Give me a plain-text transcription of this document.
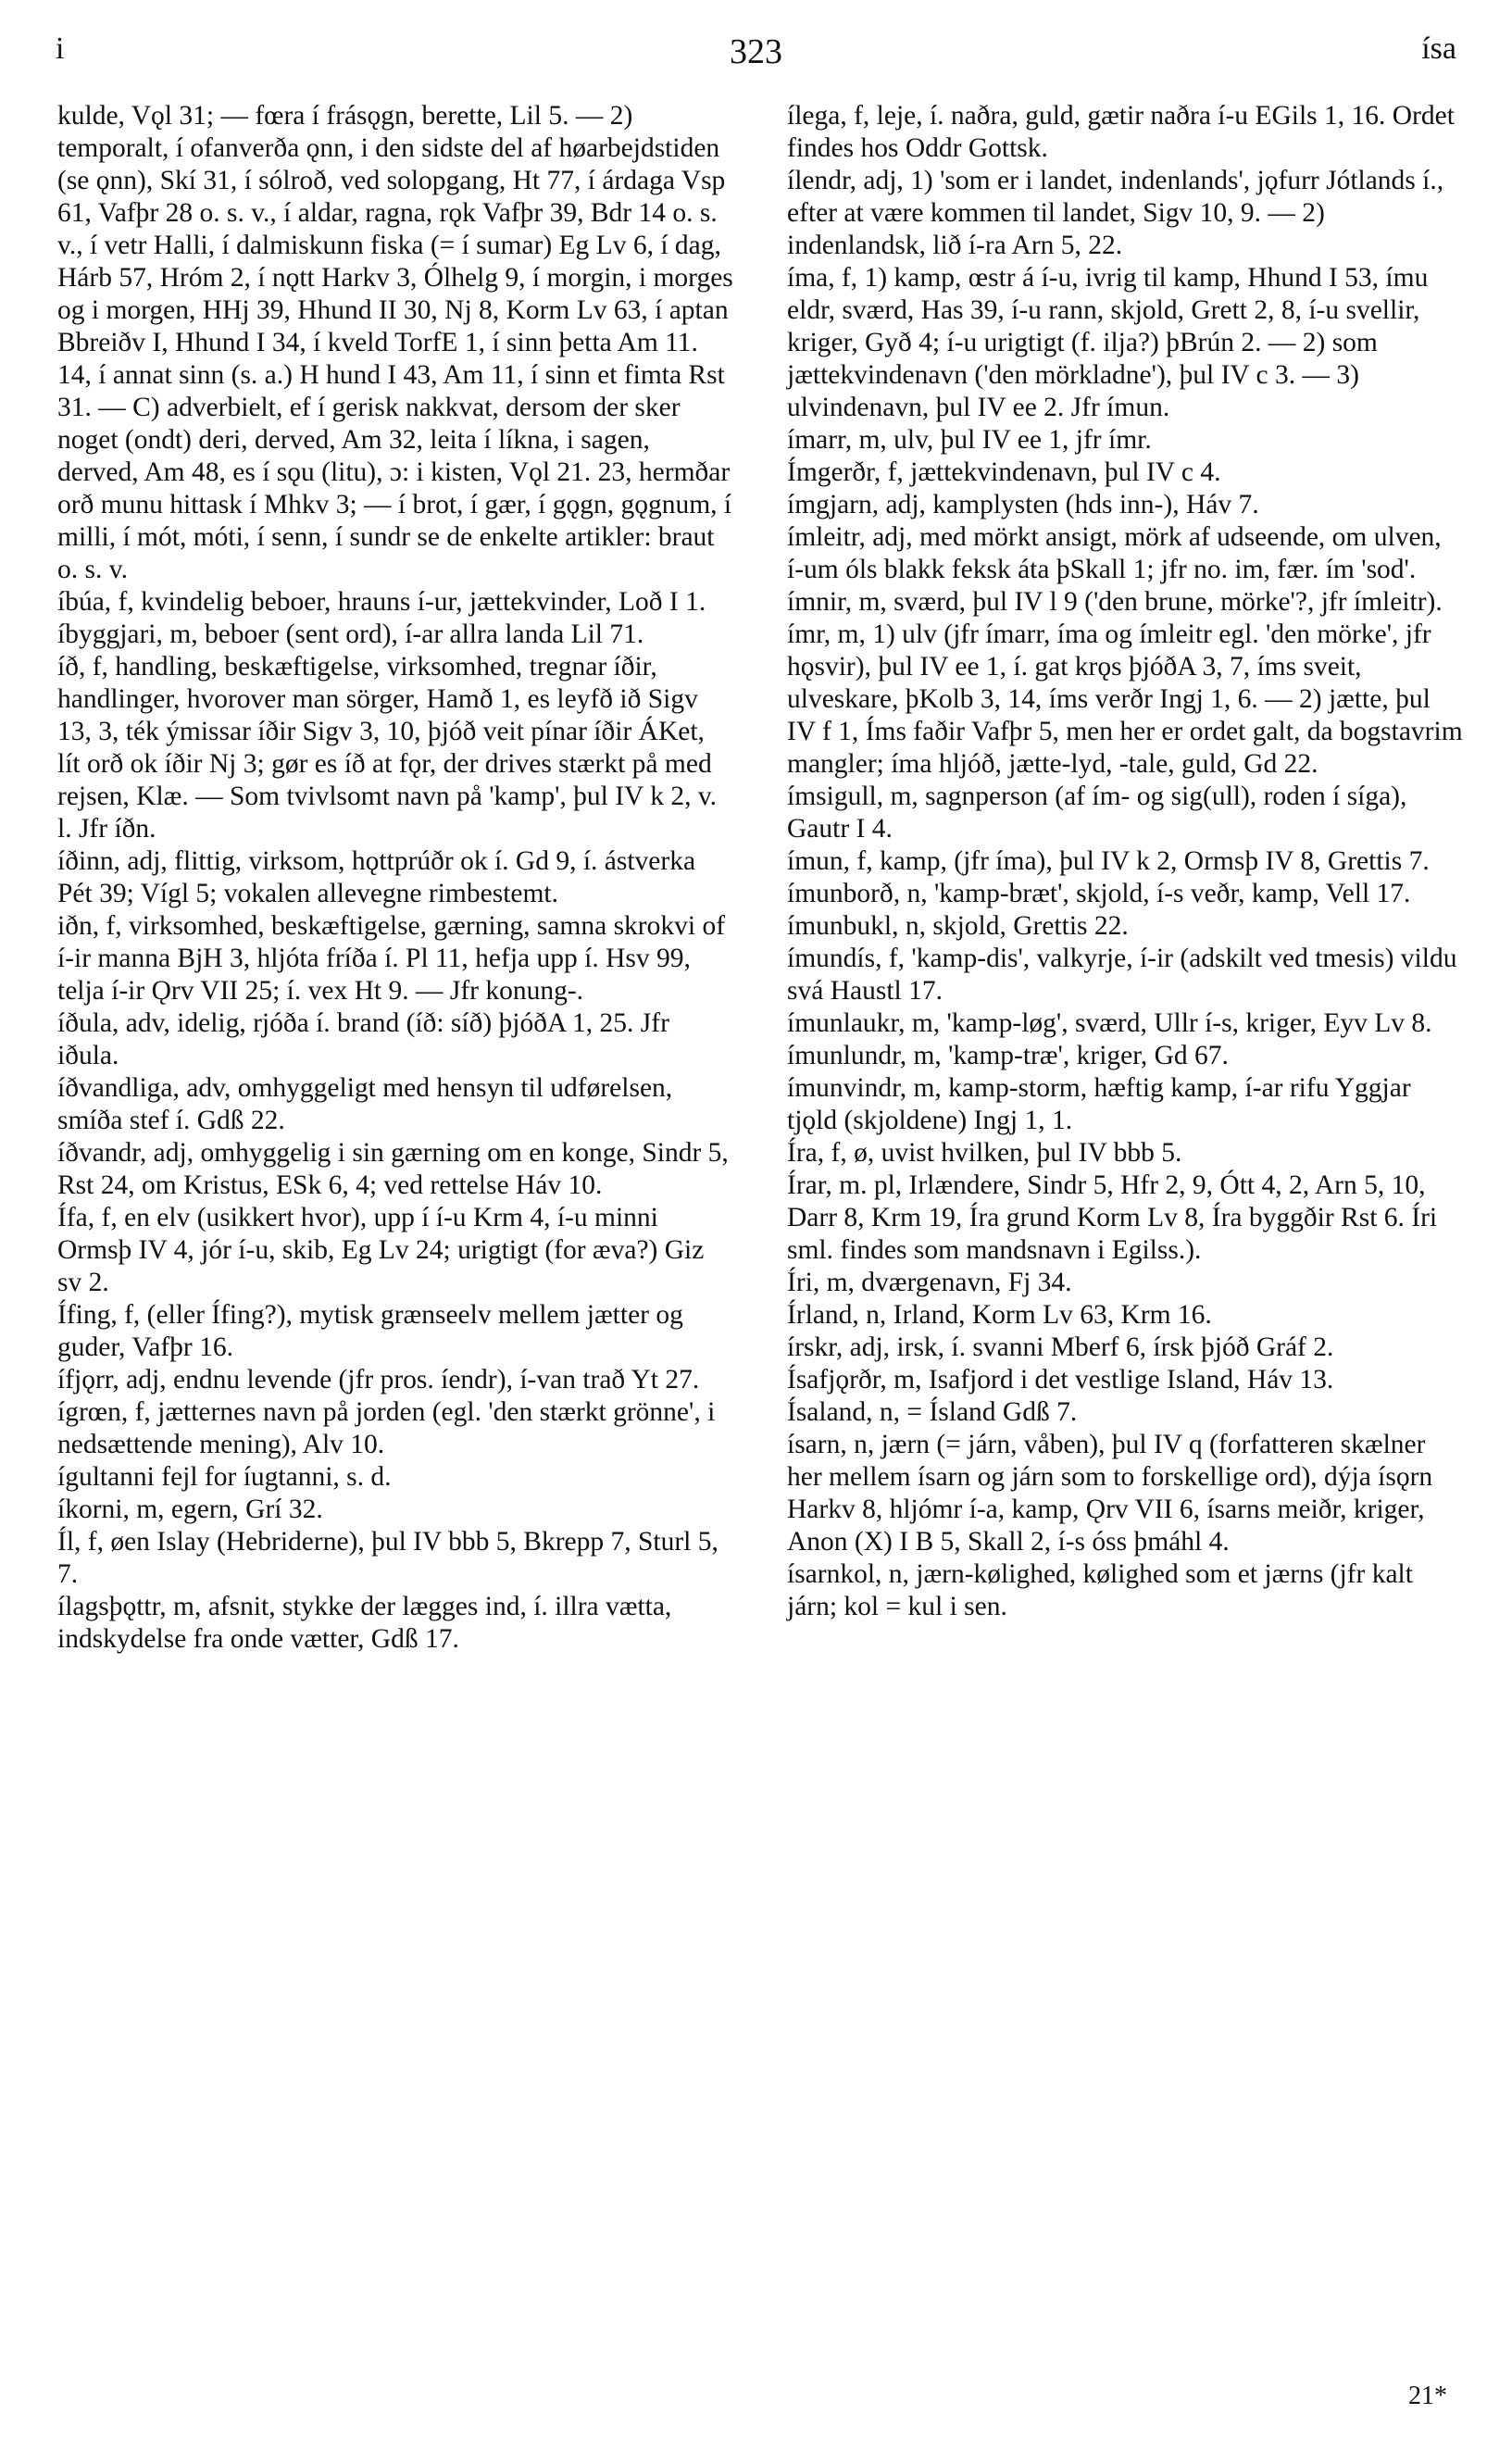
i	323	ísa

kulde, Vǫl 31; — fœra í frásǫgn, berette, Lil 5. — 2) temporalt, í ofanverða ǫnn, i den sidste del af høarbejdstiden (se ǫnn), Skí 31, í sólroð, ved solopgang, Ht 77, í árdaga Vsp 61, Vafþr 28 o. s. v., í aldar, ragna, rǫk Vafþr 39, Bdr 14 o. s. v., í vetr Halli, í dalmiskunn fiska (= í sumar) Eg Lv 6, í dag, Hárb 57, Hróm 2, í nǫtt Harkv 3, Ólhelg 9, í morgin, i morges og i morgen, HHj 39, Hhund II 30, Nj 8, Korm Lv 63, í aptan Bbreiðv I, Hhund I 34, í kveld TorfE 1, í sinn þetta Am 11. 14, í annat sinn (s. a.) H hund I 43, Am 11, í sinn et fimta Rst 31. — C) adverbielt, ef í gerisk nakkvat, dersom der sker noget (ondt) deri, derved, Am 32, leita í líkna, i sagen, derved, Am 48, es í sǫu (litu), ɔ: i kisten, Vǫl 21. 23, hermðar orð munu hittask í Mhkv 3; — í brot, í gær, í gǫgn, gǫgnum, í milli, í mót, móti, í senn, í sundr se de enkelte artikler: braut o. s. v.

íbúa, f, kvindelig beboer, hrauns í-ur, jættekvinder, Loð I 1.

íbyggjari, m, beboer (sent ord), í-ar allra landa Lil 71.

íð, f, handling, beskæftigelse, virksomhed, tregnar íðir, handlinger, hvorover man sörger, Hamð 1, es leyfð ið Sigv 13, 3, ték ýmissar íðir Sigv 3, 10, þjóð veit pínar íðir ÁKet, lít orð ok íðir Nj 3; gør es íð at fǫr, der drives stærkt på med rejsen, Klæ. — Som tvivlsomt navn på 'kamp', þul IV k 2, v. l. Jfr íðn.

íðinn, adj, flittig, virksom, hǫttprúðr ok í. Gd 9, í. ástverka Pét 39; Vígl 5; vokalen allevegne rimbestemt.

iðn, f, virksomhed, beskæftigelse, gærning, samna skrokvi of í-ir manna BjH 3, hljóta fríða í. Pl 11, hefja upp í. Hsv 99, telja í-ir Ǫrv VII 25; í. vex Ht 9. — Jfr konung-.

íðula, adv, idelig, rjóða í. brand (íð: síð) þjóðA 1, 25. Jfr iðula.

íðvandliga, adv, omhyggeligt med hensyn til udførelsen, smíða stef í. Gdß 22.

íðvandr, adj, omhyggelig i sin gærning om en konge, Sindr 5, Rst 24, om Kristus, ESk 6, 4; ved rettelse Háv 10.

Ífa, f, en elv (usikkert hvor), upp í í-u Krm 4, í-u minni Ormsþ IV 4, jór í-u, skib, Eg Lv 24; urigtigt (for æva?) Giz sv 2.

Ífing, f, (eller Ífing?), mytisk grænseelv mellem jætter og guder, Vafþr 16.

ífjǫrr, adj, endnu levende (jfr pros. íendr), í-van trað Yt 27.

ígrœn, f, jætternes navn på jorden (egl. 'den stærkt grönne', i nedsættende mening), Alv 10.

ígultanni fejl for íugtanni, s. d.

íkorni, m, egern, Grí 32.

Íl, f, øen Islay (Hebriderne), þul IV bbb 5, Bkrepp 7, Sturl 5, 7.

ílagsþǫttr, m, afsnit, stykke der lægges ind, í. illra vætta, indskydelse fra onde vætter, Gdß 17.

ílega, f, leje, í. naðra, guld, gætir naðra í-u EGils 1, 16. Ordet findes hos Oddr Gottsk.

ílendr, adj, 1) 'som er i landet, indenlands', jǫfurr Jótlands í., efter at være kommen til landet, Sigv 10, 9. — 2) indenlandsk, lið í-ra Arn 5, 22.

íma, f, 1) kamp, œstr á í-u, ivrig til kamp, Hhund I 53, ímu eldr, sværd, Has 39, í-u rann, skjold, Grett 2, 8, í-u svellir, kriger, Gyð 4; í-u urigtigt (f. ilja?) þBrún 2. — 2) som jættekvindenavn ('den mörkladne'), þul IV c 3. — 3) ulvindenavn, þul IV ee 2. Jfr ímun.

ímarr, m, ulv, þul IV ee 1, jfr ímr.

Ímgerðr, f, jættekvindenavn, þul IV c 4.

ímgjarn, adj, kamplysten (hds inn-), Háv 7.

ímleitr, adj, med mörkt ansigt, mörk af udseende, om ulven, í-um óls blakk feksk áta þSkall 1; jfr no. im, fær. ím 'sod'.

ímnir, m, sværd, þul IV l 9 ('den brune, mörke'?, jfr ímleitr).

ímr, m, 1) ulv (jfr ímarr, íma og ímleitr egl. 'den mörke', jfr hǫsvir), þul IV ee 1, í. gat krǫs þjóðA 3, 7, íms sveit, ulveskare, þKolb 3, 14, íms verðr Ingj 1, 6. — 2) jætte, þul IV f 1, Íms faðir Vafþr 5, men her er ordet galt, da bogstavrim mangler; íma hljóð, jætte-lyd, -tale, guld, Gd 22.

ímsigull, m, sagnperson (af ím- og sig(ull), roden í síga), Gautr I 4.

ímun, f, kamp, (jfr íma), þul IV k 2, Ormsþ IV 8, Grettis 7.

ímunborð, n, 'kamp-bræt', skjold, í-s veðr, kamp, Vell 17.

ímunbukl, n, skjold, Grettis 22.

ímundís, f, 'kamp-dis', valkyrje, í-ir (adskilt ved tmesis) vildu svá Haustl 17.

ímunlaukr, m, 'kamp-løg', sværd, Ullr í-s, kriger, Eyv Lv 8.

ímunlundr, m, 'kamp-træ', kriger, Gd 67.

ímunvindr, m, kamp-storm, hæftig kamp, í-ar rifu Yggjar tjǫld (skjoldene) Ingj 1, 1.

Íra, f, ø, uvist hvilken, þul IV bbb 5.

Írar, m. pl, Irlændere, Sindr 5, Hfr 2, 9, Ótt 4, 2, Arn 5, 10, Darr 8, Krm 19, Íra grund Korm Lv 8, Íra byggðir Rst 6. Íri sml. findes som mandsnavn i Egilss.).

Íri, m, dværgenavn, Fj 34.

Írland, n, Irland, Korm Lv 63, Krm 16.

írskr, adj, irsk, í. svanni Mberf 6, írsk þjóð Gráf 2.

Ísafjǫrðr, m, Isafjord i det vestlige Island, Háv 13.

Ísaland, n, = Ísland Gdß 7.

ísarn, n, jærn (= járn, våben), þul IV q (forfatteren skælner her mellem ísarn og járn som to forskellige ord), dýja ísǫrn Harkv 8, hljómr í-a, kamp, Ǫrv VII 6, ísarns meiðr, kriger, Anon (X) I B 5, Skall 2, í-s óss þmáhl 4.

ísarnkol, n, jærn-kølighed, kølighed som et jærns (jfr kalt járn; kol = kul i sen.

21*
